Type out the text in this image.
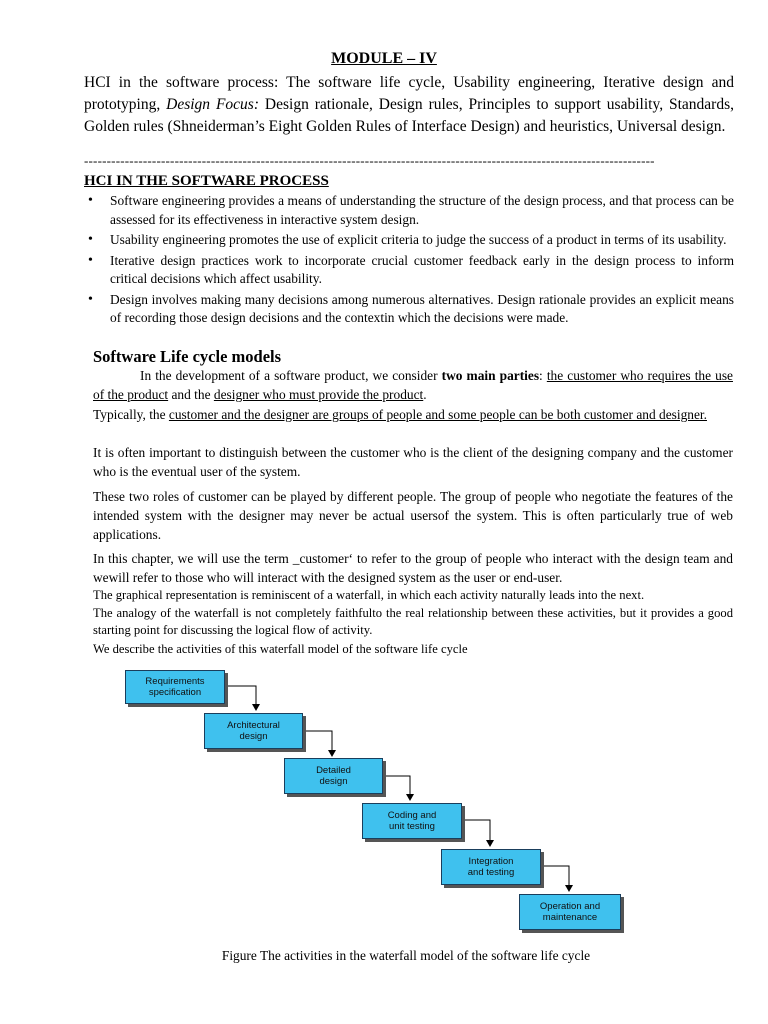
MODULE – IV
HCI in the software process: The software life cycle, Usability engineering, Iterative design and prototyping, Design Focus: Design rationale, Design rules, Principles to support usability, Standards, Golden rules (Shneiderman’s Eight Golden Rules of Interface Design) and heuristics, Universal design.
------------------------------------------------------------------------------------------------------------------------------
HCI IN THE SOFTWARE PROCESS
• Software engineering provides a means of understanding the structure of the design process, and that process can be assessed for its effectiveness in interactive system design.
• Usability engineering promotes the use of explicit criteria to judge the success of a product in terms of its usability.
• Iterative design practices work to incorporate crucial customer feedback early in the design process to inform critical decisions which affect usability.
• Design involves making many decisions among numerous alternatives. Design rationale provides an explicit means of recording those design decisions and the contextin which the decisions were made.
Software Life cycle models
In the development of a software product, we consider two main parties: the customer who requires the use of the product and the designer who must provide the product.
Typically, the customer and the designer are groups of people and some people can be both customer and designer.
It is often important to distinguish between the customer who is the client of the designing company and the customer who is the eventual user of the system.
These two roles of customer can be played by different people. The group of people who negotiate the features of the intended system with the designer may never be actual usersof the system. This is often particularly true of web applications.
In this chapter, we will use the term _customer‘ to refer to the group of people who interact with the design team and wewill refer to those who will interact with the designed system as the user or end-user.
The graphical representation is reminiscent of a waterfall, in which each activity naturally leads into the next.
The analogy of the waterfall is not completely faithfulto the real relationship between these activities, but it provides a good starting point for discussing the logical flow of activity.
We describe the activities of this waterfall model of the software life cycle
Requirements
specification
Architectural
design
Detailed
design
Coding and
unit testing
Integration
and testing
Operation and
maintenance
Figure The activities in the waterfall model of the software life cycle
